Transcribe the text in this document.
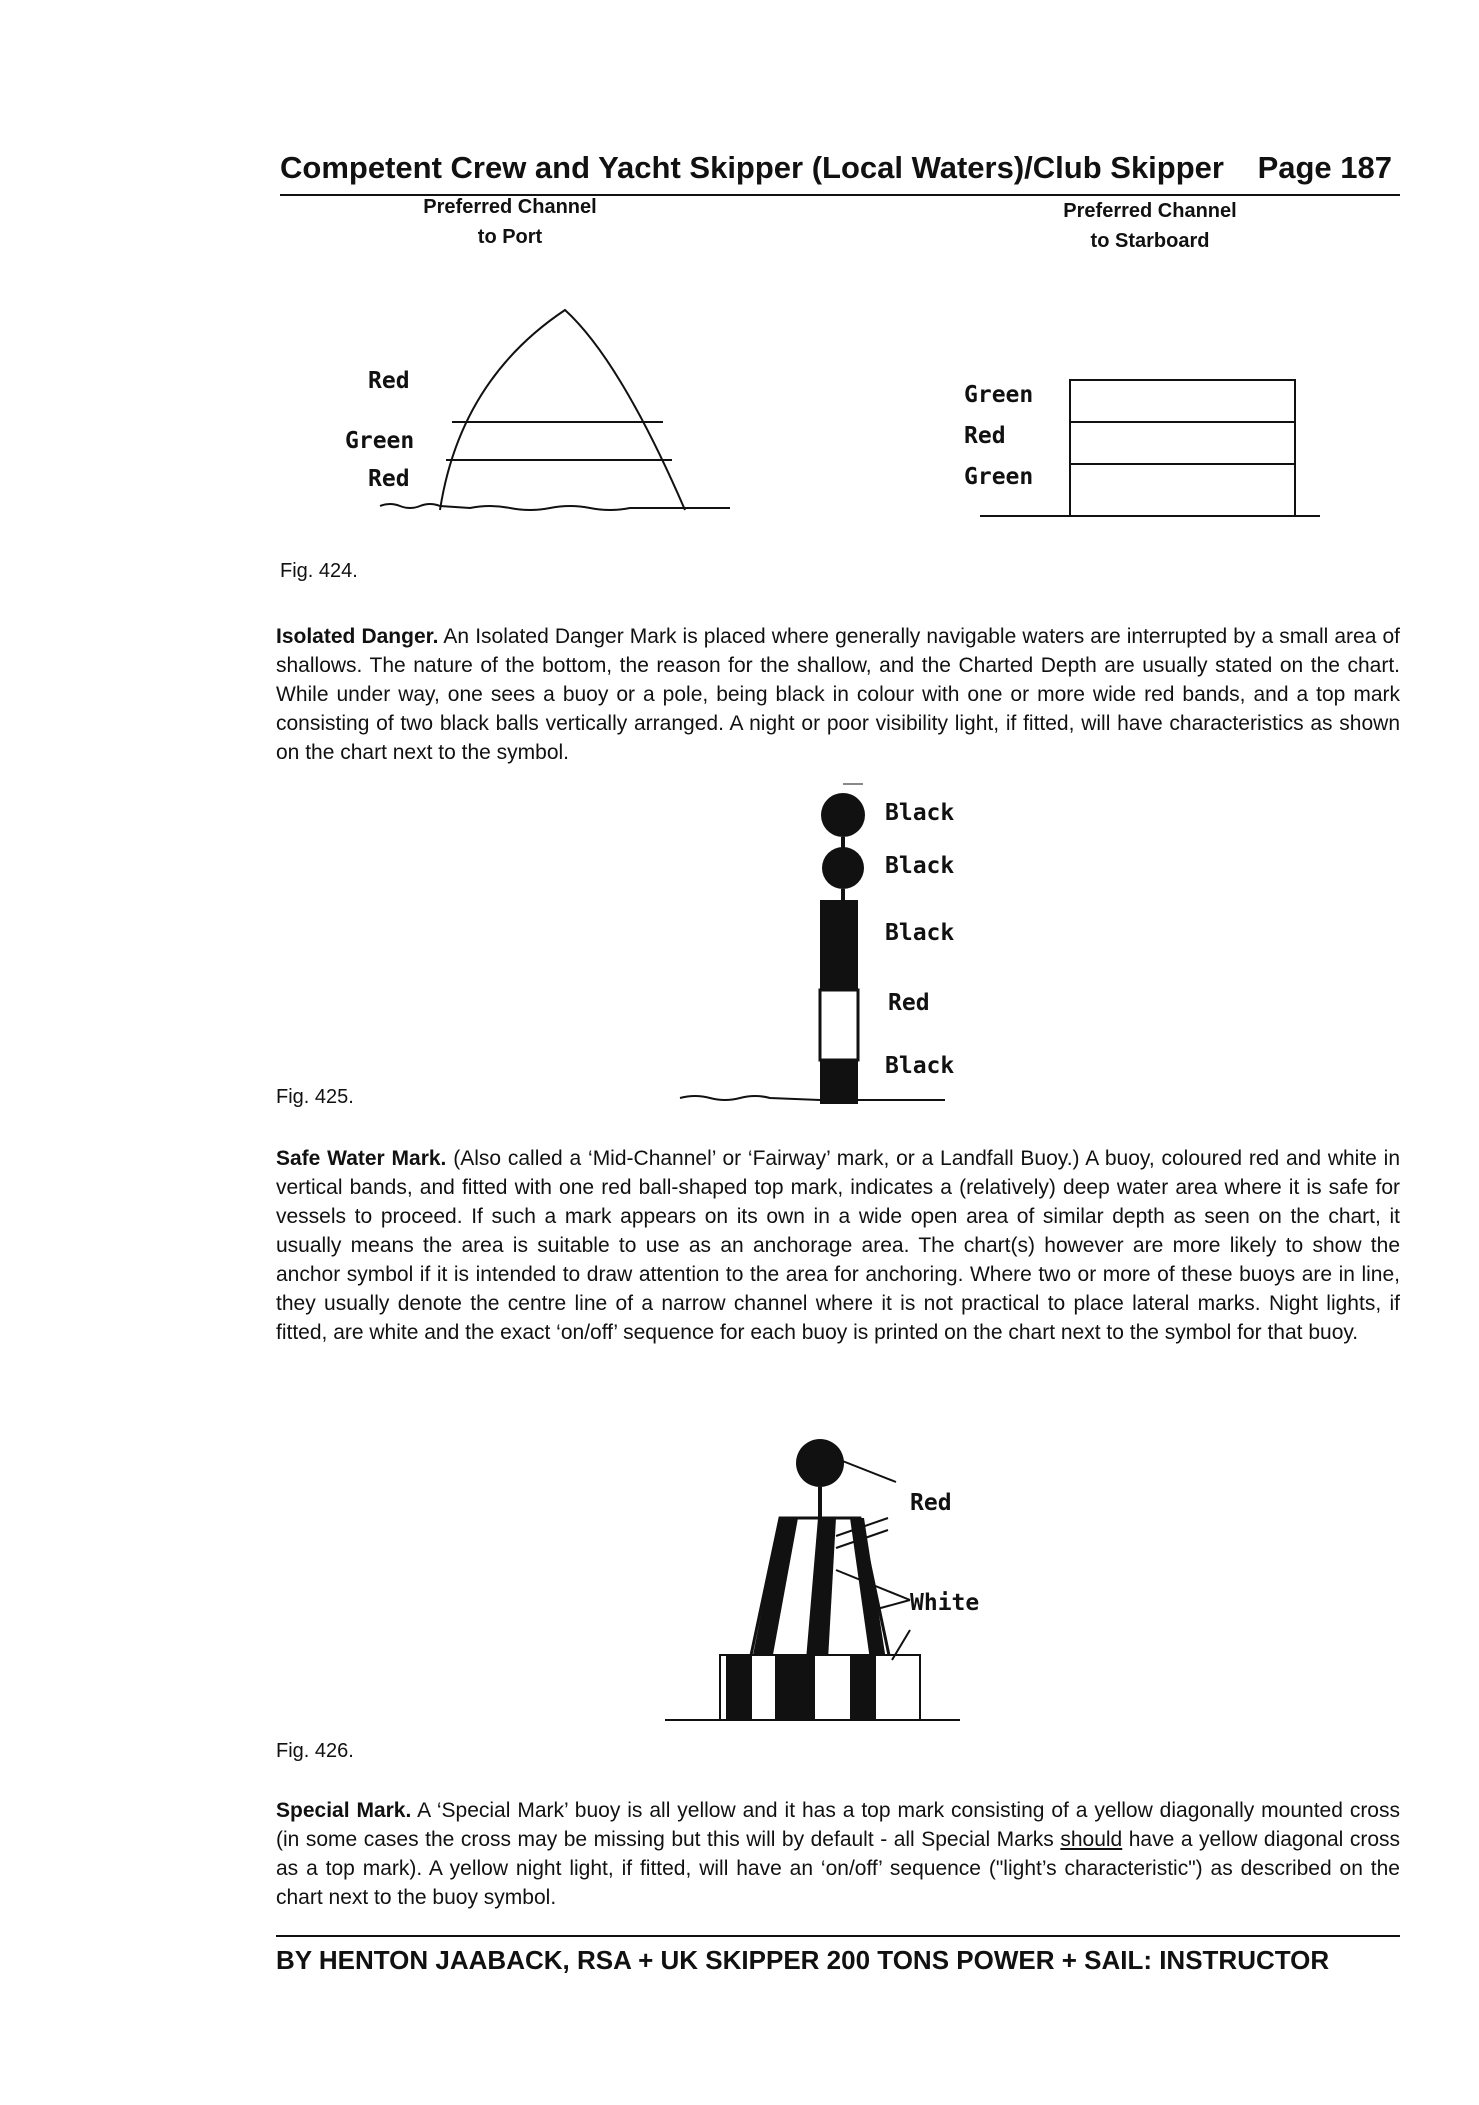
Competent Crew and Yacht Skipper (Local Waters)/Club Skipper Page 187
Preferred Channel
to Port
Preferred Channel
to Starboard
Red
Green
Red
Green
Red
Green
Fig. 424.
Isolated Danger. An Isolated Danger Mark is placed where generally navigable waters are interrupted by a small area of shallows. The nature of the bottom, the reason for the shallow, and the Charted Depth are usually stated on the chart. While under way, one sees a buoy or a pole, being black in colour with one or more wide red bands, and a top mark consisting of two black balls vertically arranged. A night or poor visibility light, if fitted, will have characteristics as shown on the chart next to the symbol.
Black
Black
Black
Red
Black
Fig. 425.
Safe Water Mark. (Also called a ‘Mid-Channel’ or ‘Fairway’ mark, or a Landfall Buoy.) A buoy, coloured red and white in vertical bands, and fitted with one red ball-shaped top mark, indicates a (relatively) deep water area where it is safe for vessels to proceed. If such a mark appears on its own in a wide open area of similar depth as seen on the chart, it usually means the area is suitable to use as an anchorage area. The chart(s) however are more likely to show the anchor symbol if it is intended to draw attention to the area for anchoring. Where two or more of these buoys are in line, they usually denote the centre line of a narrow channel where it is not practical to place lateral marks. Night lights, if fitted, are white and the exact ‘on/off’ sequence for each buoy is printed on the chart next to the symbol for that buoy.
Red
White
Fig. 426.
Special Mark. A ‘Special Mark’ buoy is all yellow and it has a top mark consisting of a yellow diagonally mounted cross (in some cases the cross may be missing but this will by default - all Special Marks should have a yellow diagonal cross as a top mark). A yellow night light, if fitted, will have an ‘on/off’ sequence ("light’s characteristic") as described on the chart next to the buoy symbol.
BY HENTON JAABACK, RSA + UK SKIPPER 200 TONS POWER + SAIL: INSTRUCTOR
